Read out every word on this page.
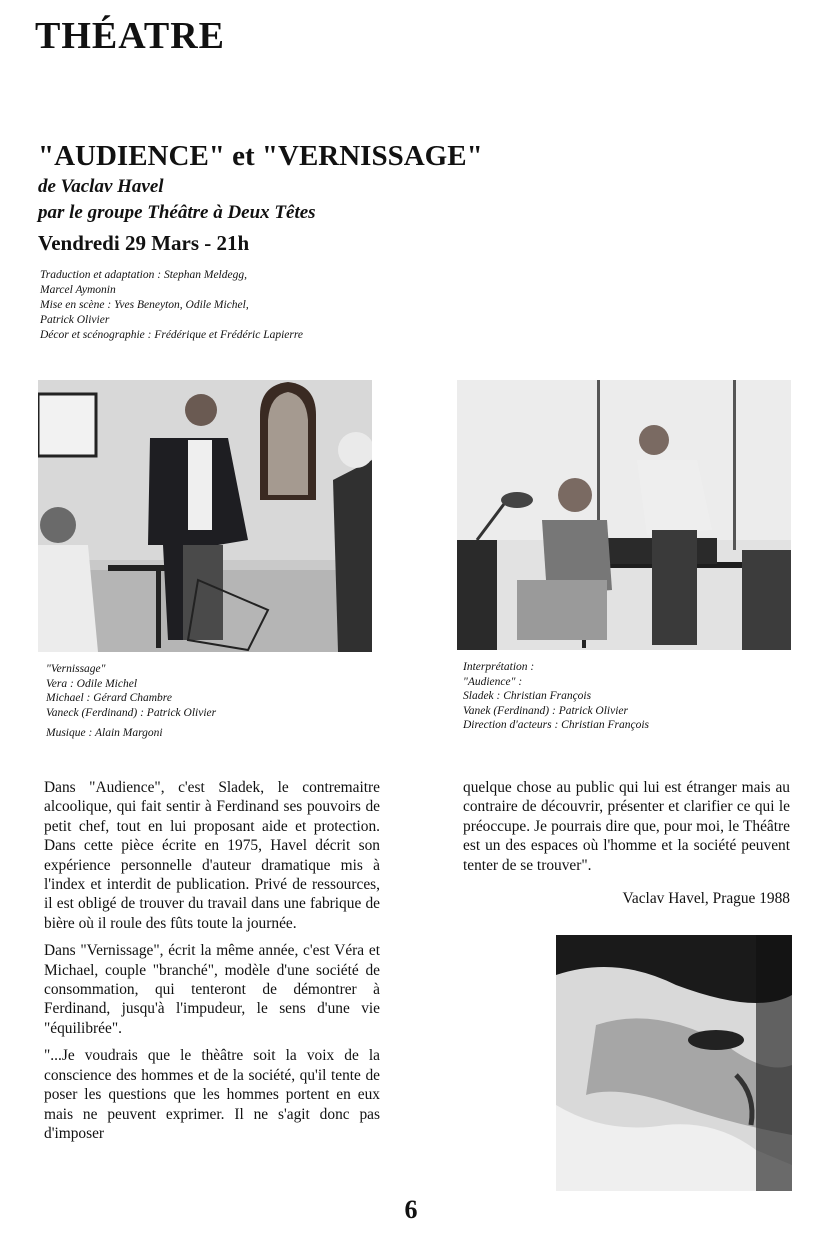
THÉATRE
"AUDIENCE" et "VERNISSAGE"
de Vaclav Havel
par le groupe Théâtre à Deux Têtes
Vendredi 29 Mars - 21h
Traduction et adaptation : Stephan Meldegg,
Marcel Aymonin
Mise en scène : Yves Beneyton, Odile Michel,
Patrick Olivier
Décor et scénographie : Frédérique et Frédéric Lapierre
"Vernissage"
Vera : Odile Michel
Michael : Gérard Chambre
Vaneck (Ferdinand) : Patrick Olivier
Musique : Alain Margoni
Interprétation :
"Audience" :
Sladek : Christian François
Vanek (Ferdinand) : Patrick Olivier
Direction d'acteurs : Christian François

Dans "Audience", c'est Sladek, le contremaitre alcoolique, qui fait sentir à Ferdinand ses pouvoirs de petit chef, tout en lui proposant aide et protection. Dans cette pièce écrite en 1975, Havel décrit son expérience personnelle d'auteur dramatique mis à l'index et interdit de publication. Privé de ressources, il est obligé de trouver du travail dans une fabrique de bière où il roule des fûts toute la journée.

Dans "Vernissage", écrit la même année, c'est Véra et Michael, couple "branché", modèle d'une société de consommation, qui tenteront de démontrer à Ferdinand, jusqu'à l'impudeur, le sens d'une vie "équilibrée".

"...Je voudrais que le thèâtre soit la voix de la conscience des hommes et de la société, qu'il tente de poser les questions que les hommes portent en eux mais ne peuvent exprimer. Il ne s'agit donc pas d'imposer

quelque chose au public qui lui est étranger mais au contraire de découvrir, présenter et clarifier ce qui le préoccupe. Je pourrais dire que, pour moi, le Théâtre est un des espaces où l'homme et la société peuvent tenter de se trouver".

Vaclav Havel, Prague 1988
6
